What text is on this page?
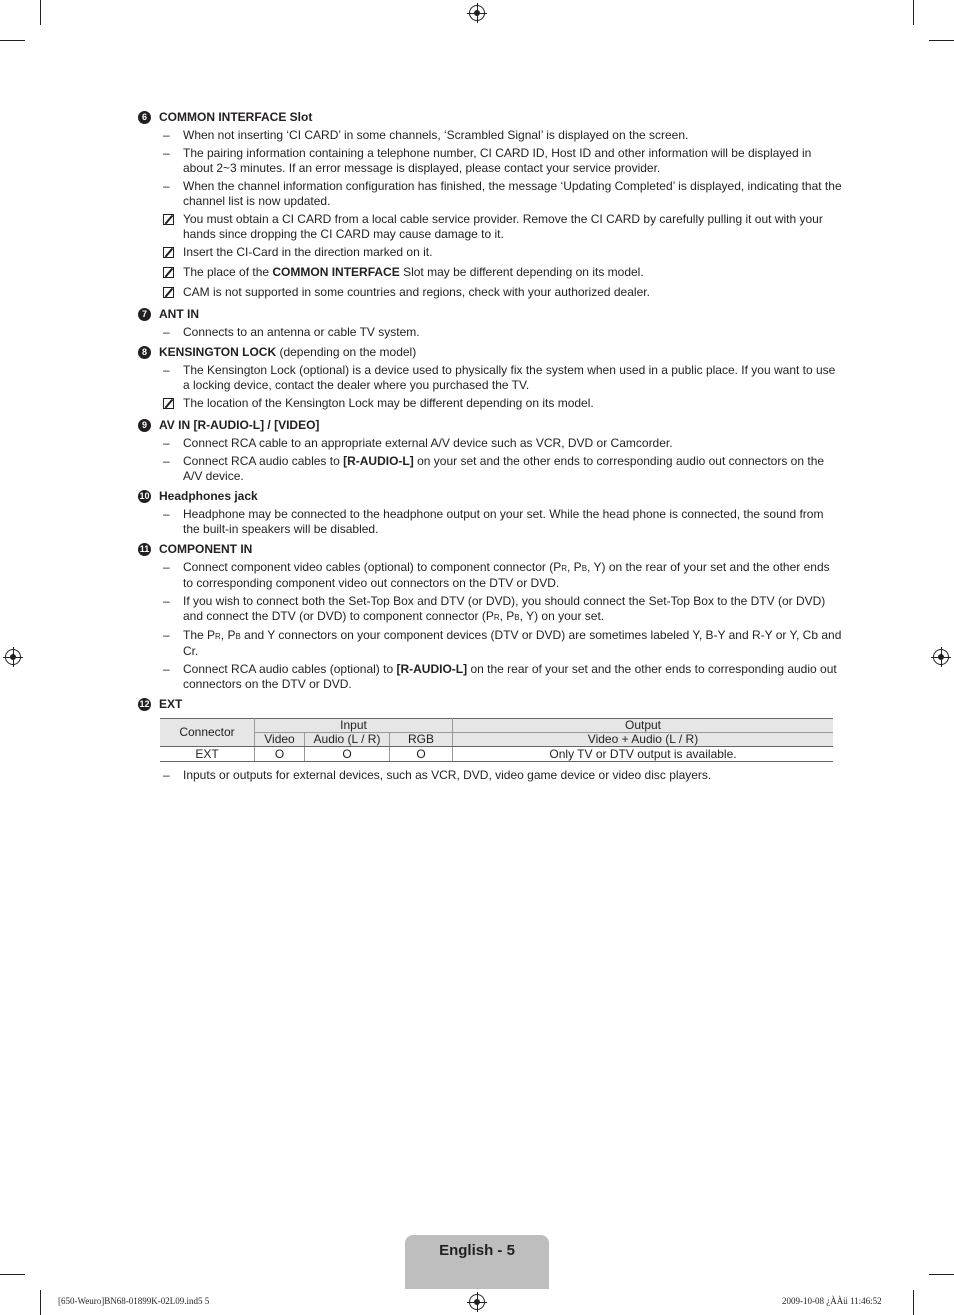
6	COMMON INTERFACE Slot
–	When not inserting ‘CI CARD’ in some channels, ‘Scrambled Signal’ is displayed on the screen.
–	The pairing information containing a telephone number, CI CARD ID, Host ID and other information will be displayed in about 2~3 minutes. If an error message is displayed, please contact your service provider.
–	When the channel information configuration has finished, the message ‘Updating Completed’ is displayed, indicating that the channel list is now updated.
You must obtain a CI CARD from a local cable service provider. Remove the CI CARD by carefully pulling it out with your hands since dropping the CI CARD may cause damage to it.
Insert the CI-Card in the direction marked on it.
The place of the COMMON INTERFACE Slot may be different depending on its model.
CAM is not supported in some countries and regions, check with your authorized dealer.
7	ANT IN
–	Connects to an antenna or cable TV system.
8	KENSINGTON LOCK (depending on the model)
–	The Kensington Lock (optional) is a device used to physically fix the system when used in a public place. If you want to use a locking device, contact the dealer where you purchased the TV.
The location of the Kensington Lock may be different depending on its model.
9	AV IN [R-AUDIO-L] / [VIDEO]
–	Connect RCA cable to an appropriate external A/V device such as VCR, DVD or Camcorder.
–	Connect RCA audio cables to [R-AUDIO-L] on your set and the other ends to corresponding audio out connectors on the A/V device.
10 Headphones jack
–	Headphone may be connected to the headphone output on your set. While the head phone is connected, the sound from the built-in speakers will be disabled.
11 COMPONENT IN
–	Connect component video cables (optional) to component connector (PR, PB, Y) on the rear of your set and the other ends to corresponding component video out connectors on the DTV or DVD.
–	If you wish to connect both the Set-Top Box and DTV (or DVD), you should connect the Set-Top Box to the DTV (or DVD) and connect the DTV (or DVD) to component connector (PR, PB, Y) on your set.
–	The PR, PB and Y connectors on your component devices (DTV or DVD) are sometimes labeled Y, B-Y and R-Y or Y, Cb and Cr.
–	Connect RCA audio cables (optional) to [R-AUDIO-L] on the rear of your set and the other ends to corresponding audio out connectors on the DTV or DVD.
12 EXT
Connector	Input			Output
	Video	Audio (L / R)	RGB	Video + Audio (L / R)
EXT	O	O	O	Only TV or DTV output is available.
–	Inputs or outputs for external devices, such as VCR, DVD, video game device or video disc players.
English - 5
[650-Weuro]BN68-01899K-02L09.ind5 5	2009-10-08 ¿ÀÀü 11:46:52
